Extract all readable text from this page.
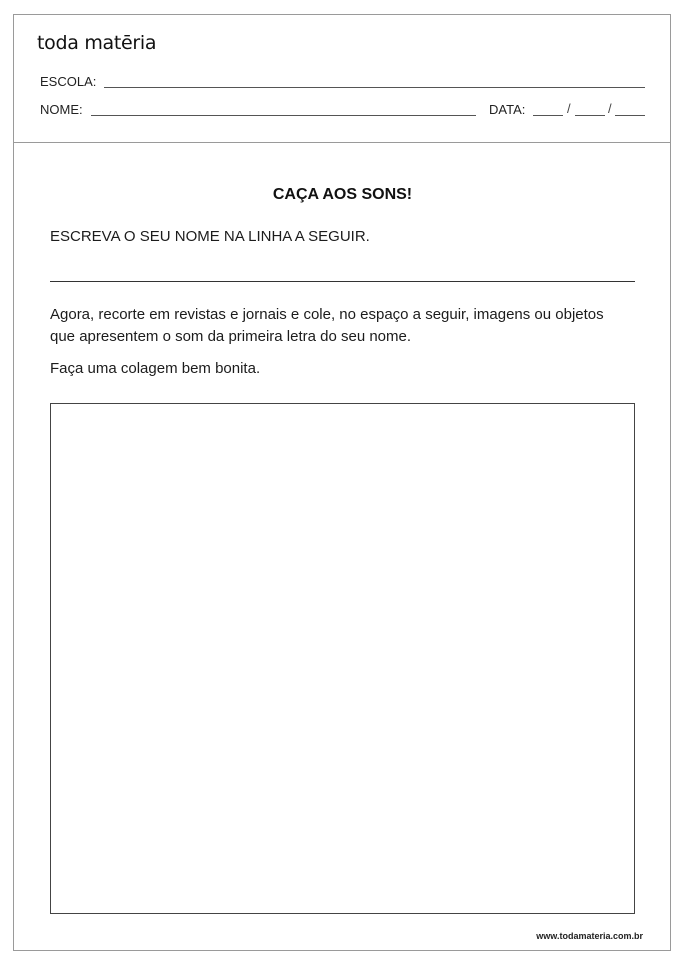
toda matēria
ESCOLA:
NOME:	DATA:	/	/
CAÇA AOS SONS!
ESCREVA O SEU NOME NA LINHA A SEGUIR.
Agora, recorte em revistas e jornais e cole, no espaço a seguir, imagens ou objetos que apresentem o som da primeira letra do seu nome.
Faça uma colagem bem bonita.
www.todamateria.com.br
